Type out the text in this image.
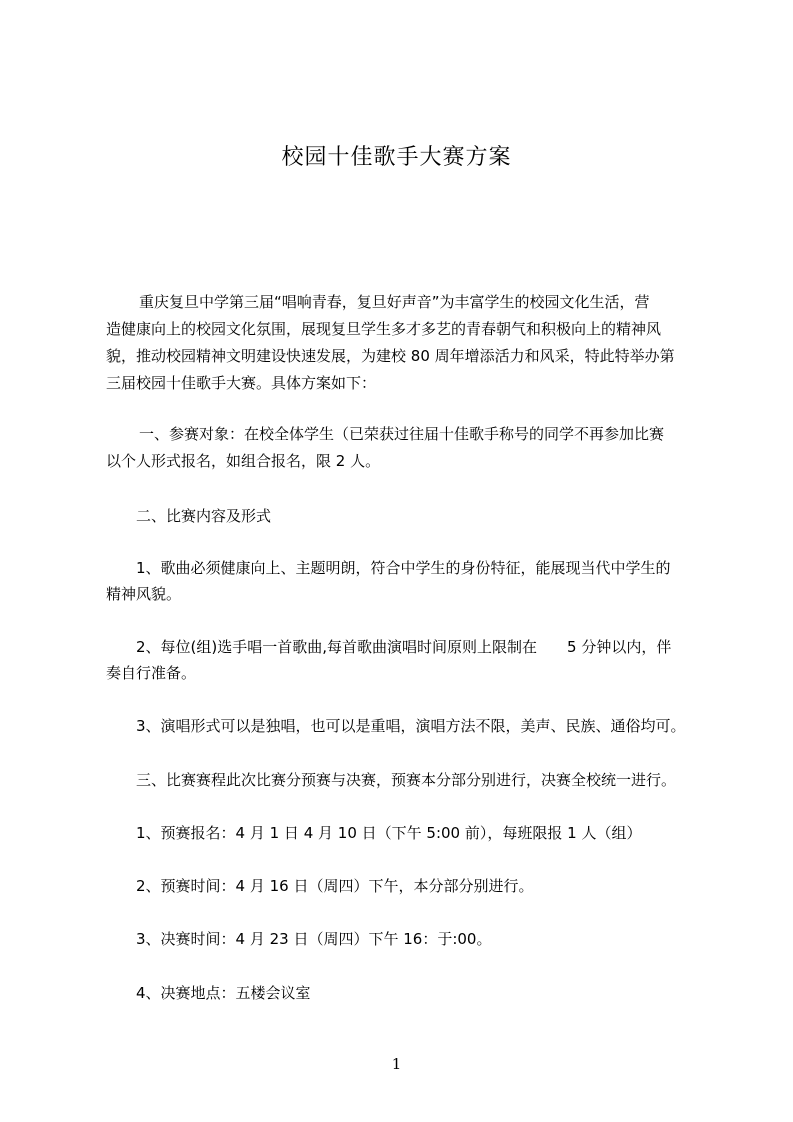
校园十佳歌手大赛方案
重庆复旦中学第三届“唱响青春，复旦好声音”为丰富学生的校园文化生活，营
造健康向上的校园文化氛围，展现复旦学生多才多艺的青春朝气和积极向上的精神风
貌，推动校园精神文明建设快速发展，为建校 80 周年增添活力和风采，特此特举办第
三届校园十佳歌手大赛。具体方案如下：
一、参赛对象：在校全体学生（已荣获过往届十佳歌手称号的同学不再参加比赛
以个人形式报名，如组合报名，限 2 人。
二、比赛内容及形式
1、歌曲必须健康向上、主题明朗，符合中学生的身份特征，能展现当代中学生的
精神风貌。
2、每位(组)选手唱一首歌曲,每首歌曲演唱时间原则上限制在　　5 分钟以内，伴
奏自行准备。
3、演唱形式可以是独唱，也可以是重唱，演唱方法不限，美声、民族、通俗均可。
三、比赛赛程此次比赛分预赛与决赛，预赛本分部分别进行，决赛全校统一进行。
1、预赛报名：4 月 1 日 4 月 10 日（下午 5:00 前），每班限报 1 人（组）
2、预赛时间：4 月 16 日（周四）下午，本分部分别进行。
3、决赛时间：4 月 23 日（周四）下午 16：于:00。
4、决赛地点：五楼会议室
1
